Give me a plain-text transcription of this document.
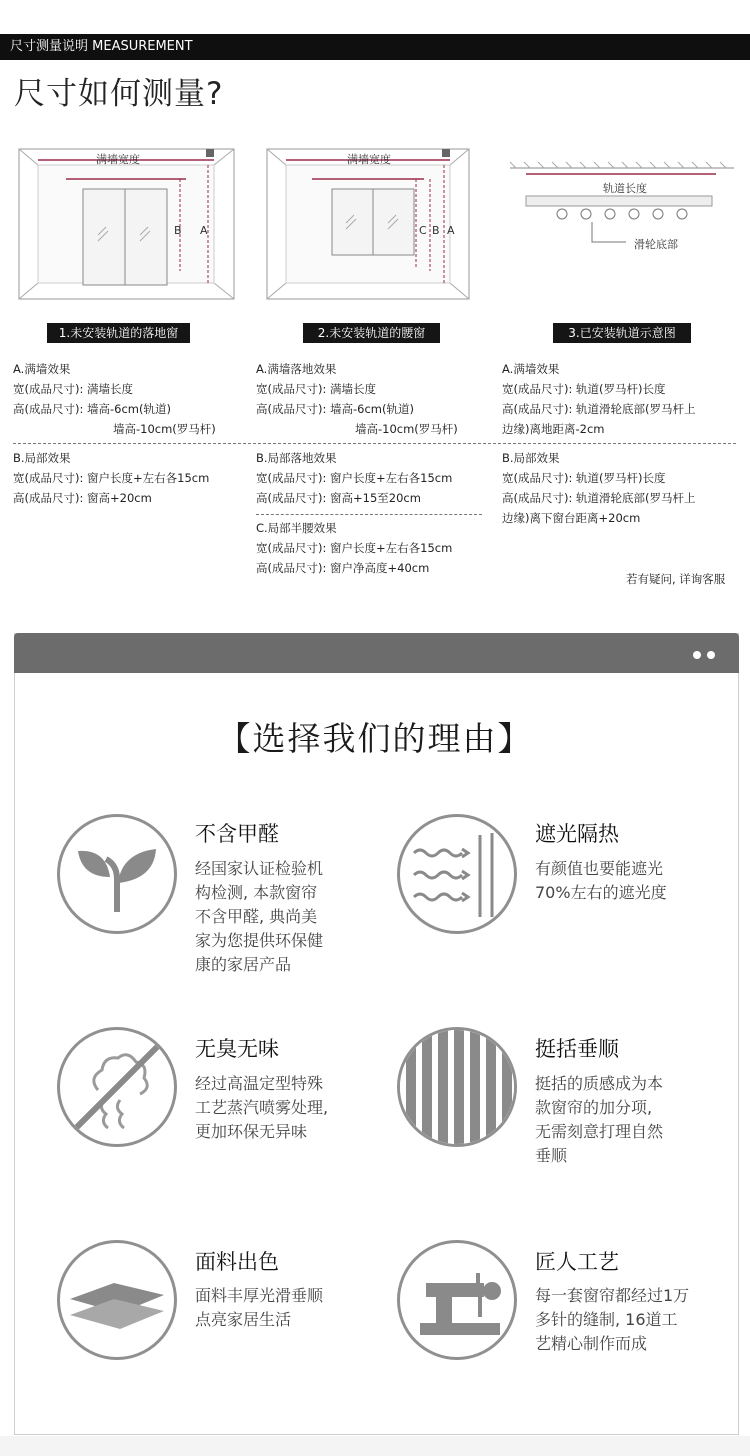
尺寸测量说明 MEASUREMENT
尺寸如何测量?
满墙宽度
B A
1.未安装轨道的落地窗
满墙宽度
C B A
2.未安装轨道的腰窗
轨道长度
滑轮底部
3.已安装轨道示意图
A.满墙效果
宽(成品尺寸): 满墙长度
高(成品尺寸): 墙高-6cm(轨道)
墙高-10cm(罗马杆)
B.局部效果
宽(成品尺寸): 窗户长度+左右各15cm
高(成品尺寸): 窗高+20cm
A.满墙落地效果
宽(成品尺寸): 满墙长度
高(成品尺寸): 墙高-6cm(轨道)
墙高-10cm(罗马杆)
B.局部落地效果
宽(成品尺寸): 窗户长度+左右各15cm
高(成品尺寸): 窗高+15至20cm
C.局部半腰效果
宽(成品尺寸): 窗户长度+左右各15cm
高(成品尺寸): 窗户净高度+40cm
A.满墙效果
宽(成品尺寸): 轨道(罗马杆)长度
高(成品尺寸): 轨道滑轮底部(罗马杆上
边缘)离地距离-2cm
B.局部效果
宽(成品尺寸): 轨道(罗马杆)长度
高(成品尺寸): 轨道滑轮底部(罗马杆上
边缘)离下窗台距离+20cm
若有疑问, 详询客服
【选择我们的理由】
不含甲醛
经国家认证检验机
构检测, 本款窗帘
不含甲醛, 典尚美
家为您提供环保健
康的家居产品
遮光隔热
有颜值也要能遮光
70%左右的遮光度
无臭无味
经过高温定型特殊
工艺蒸汽喷雾处理,
更加环保无异味
挺括垂顺
挺括的质感成为本
款窗帘的加分项,
无需刻意打理自然
垂顺
面料出色
面料丰厚光滑垂顺
点亮家居生活
匠人工艺
每一套窗帘都经过1万
多针的缝制, 16道工
艺精心制作而成
